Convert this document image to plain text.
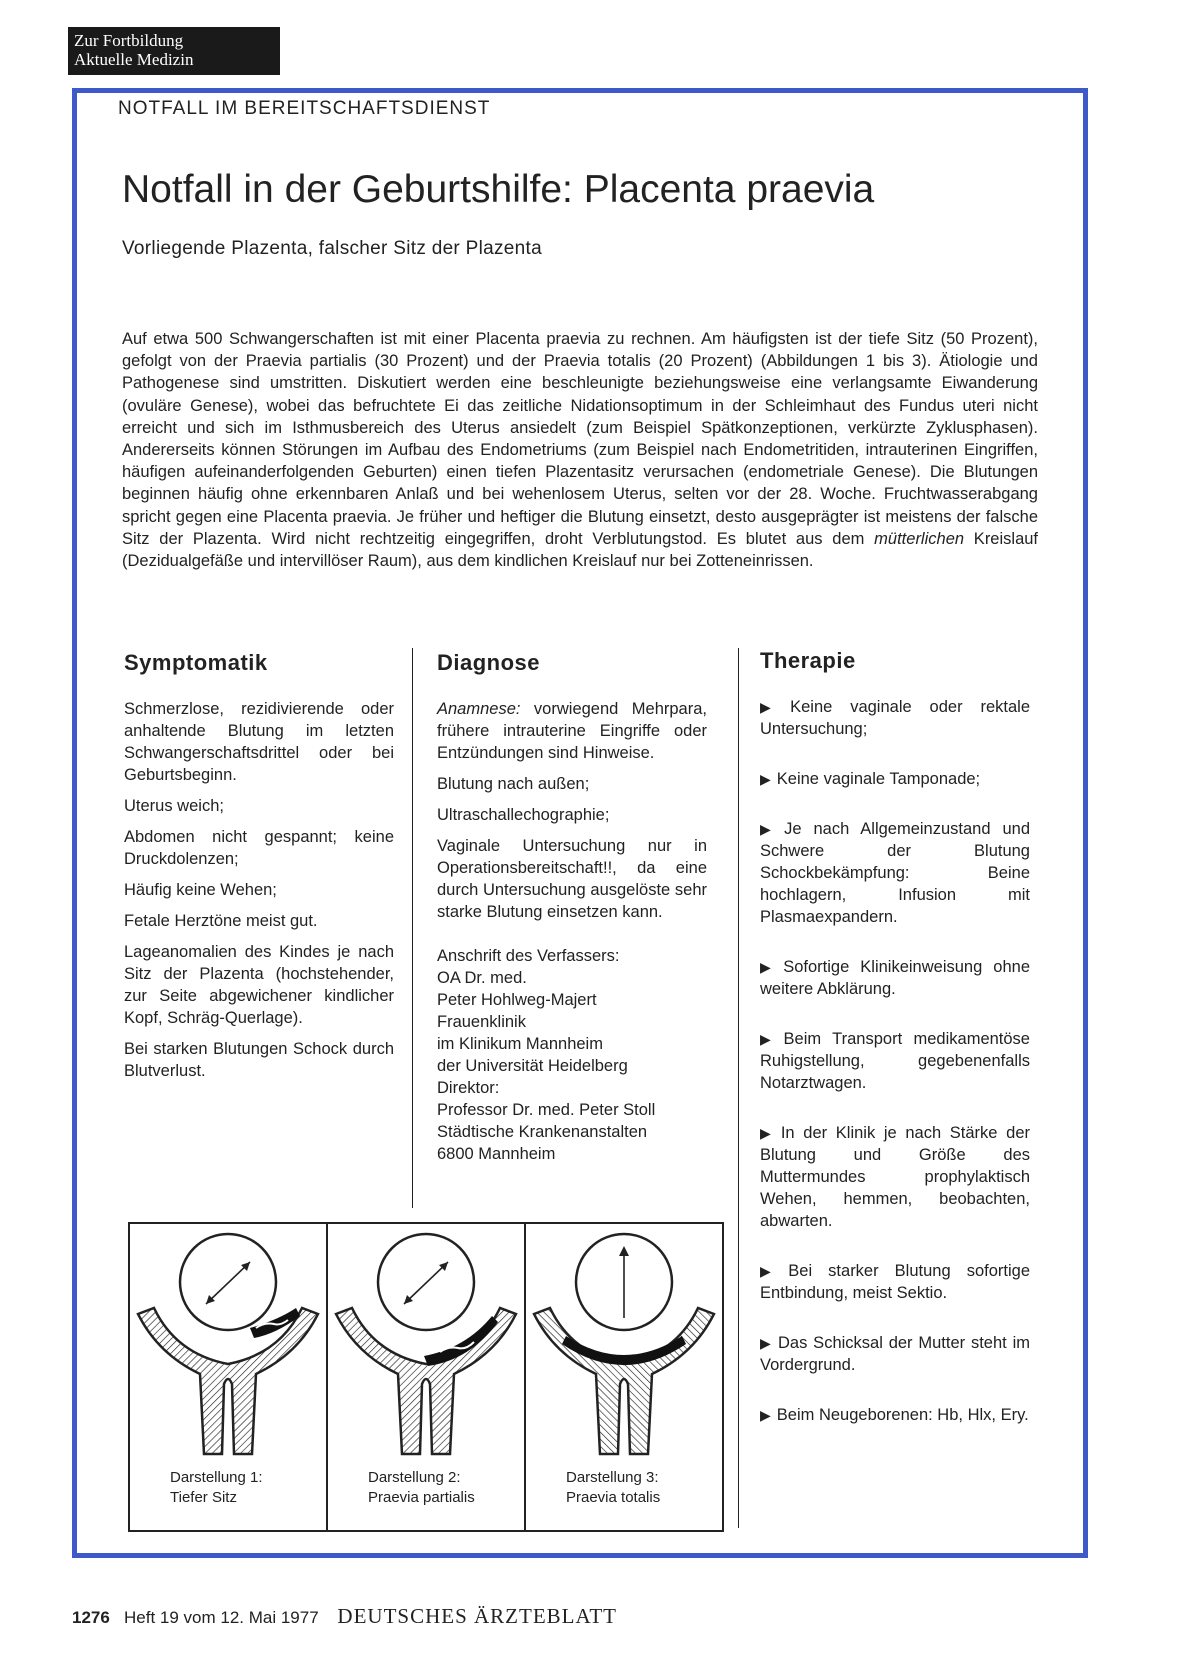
Zur Fortbildung
Aktuelle Medizin
NOTFALL IM BEREITSCHAFTSDIENST
Notfall in der Geburtshilfe: Placenta praevia
Vorliegende Plazenta, falscher Sitz der Plazenta
Auf etwa 500 Schwangerschaften ist mit einer Placenta praevia zu rechnen. Am häufigsten ist der tiefe Sitz (50 Prozent), gefolgt von der Praevia partialis (30 Prozent) und der Praevia totalis (20 Prozent) (Abbildungen 1 bis 3). Ätiologie und Pathogenese sind umstritten. Diskutiert werden eine beschleunigte beziehungsweise eine verlangsamte Eiwanderung (ovuläre Genese), wobei das befruchtete Ei das zeitliche Nidationsoptimum in der Schleimhaut des Fundus uteri nicht erreicht und sich im Isthmusbereich des Uterus ansiedelt (zum Beispiel Spätkonzeptionen, verkürzte Zyklusphasen). Andererseits können Störungen im Aufbau des Endometriums (zum Beispiel nach Endometritiden, intrauterinen Eingriffen, häufigen aufeinanderfolgenden Geburten) einen tiefen Plazentasitz verursachen (endometriale Genese). Die Blutungen beginnen häufig ohne erkennbaren Anlaß und bei wehenlosem Uterus, selten vor der 28. Woche. Fruchtwasserabgang spricht gegen eine Placenta praevia. Je früher und heftiger die Blutung einsetzt, desto ausgeprägter ist meistens der falsche Sitz der Plazenta. Wird nicht rechtzeitig eingegriffen, droht Verblutungstod. Es blutet aus dem mütterlichen Kreislauf (Dezidualgefäße und intervillöser Raum), aus dem kindlichen Kreislauf nur bei Zotteneinrissen.
Symptomatik

Schmerzlose, rezidivierende oder anhaltende Blutung im letzten Schwangerschaftsdrittel oder bei Geburtsbeginn.

Uterus weich;

Abdomen nicht gespannt; keine Druckdolenzen;

Häufig keine Wehen;

Fetale Herztöne meist gut.

Lageanomalien des Kindes je nach Sitz der Plazenta (hochstehender, zur Seite abgewichener kindlicher Kopf, Schräg-Querlage).

Bei starken Blutungen Schock durch Blutverlust.

Diagnose

Anamnese: vorwiegend Mehrpara, frühere intrauterine Eingriffe oder Entzündungen sind Hinweise.

Blutung nach außen;

Ultraschallechographie;

Vaginale Untersuchung nur in Operationsbereitschaft!!, da eine durch Untersuchung ausgelöste sehr starke Blutung einsetzen kann.

Anschrift des Verfassers:

OA Dr. med.

Peter Hohlweg-Majert

Frauenklinik

im Klinikum Mannheim

der Universität Heidelberg

Direktor:

Professor Dr. med. Peter Stoll

Städtische Krankenanstalten

6800 Mannheim

Therapie

▶ Keine vaginale oder rektale Untersuchung;

▶ Keine vaginale Tamponade;

▶ Je nach Allgemeinzustand und Schwere der Blutung Schockbekämpfung: Beine hochlagern, Infusion mit Plasmaexpandern.

▶ Sofortige Klinikeinweisung ohne weitere Abklärung.

▶ Beim Transport medikamentöse Ruhigstellung, gegebenenfalls Notarztwagen.

▶ In der Klinik je nach Stärke der Blutung und Größe des Muttermundes prophylaktisch Wehen, hemmen, beobachten, abwarten.

▶ Bei starker Blutung sofortige Entbindung, meist Sektio.

▶ Das Schicksal der Mutter steht im Vordergrund.

▶ Beim Neugeborenen: Hb, Hlx, Ery.

Darstellung 1:
Tiefer Sitz
Darstellung 2:
Praevia partialis
Darstellung 3:
Praevia totalis
1276 Heft 19 vom 12. Mai 1977 DEUTSCHES ÄRZTEBLATT
